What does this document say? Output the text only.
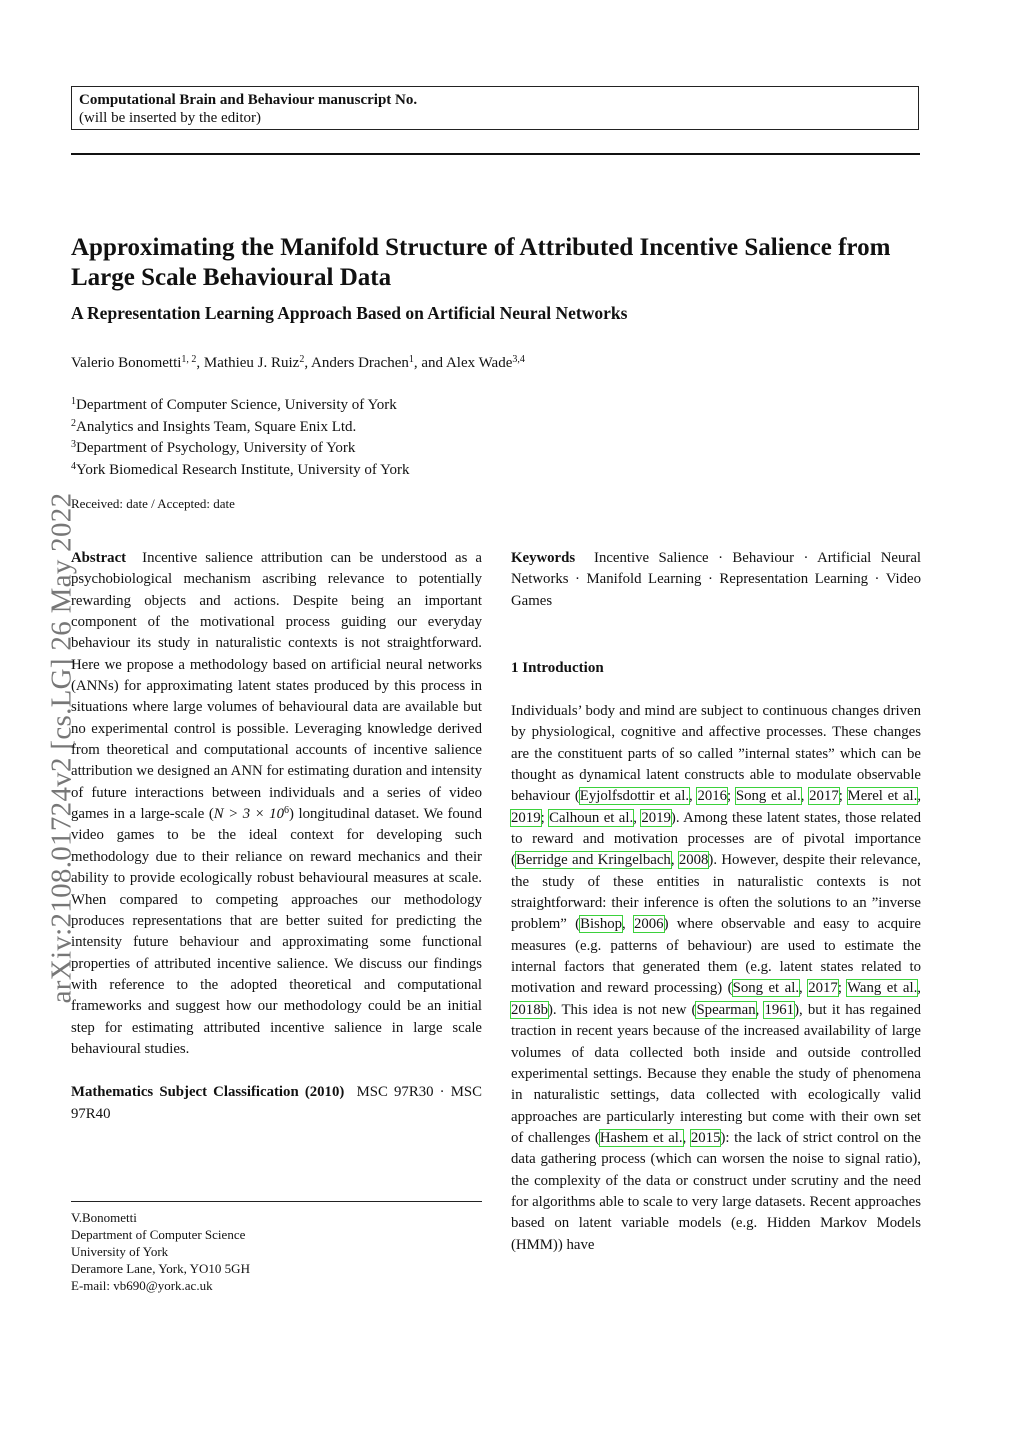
Computational Brain and Behaviour manuscript No.
(will be inserted by the editor)
arXiv:2108.01724v2 [cs.LG] 26 May 2022
Approximating the Manifold Structure of Attributed Incentive Salience from Large Scale Behavioural Data
A Representation Learning Approach Based on Artificial Neural Networks
Valerio Bonometti$^{1, 2}$, Mathieu J. Ruiz$^2$, Anders Drachen$^1$, and Alex Wade$^{3,4}$
$^1$Department of Computer Science, University of York
$^2$Analytics and Insights Team, Square Enix Ltd.
$^3$Department of Psychology, University of York
$^4$York Biomedical Research Institute, University of York
Received: date / Accepted: date

Abstract Incentive salience attribution can be understood as a psychobiological mechanism ascribing relevance to potentially rewarding objects and actions. Despite being an important component of the motivational process guiding our everyday behaviour its study in naturalistic contexts is not straightforward. Here we propose a methodology based on artificial neural networks (ANNs) for approximating latent states produced by this process in situations where large volumes of behavioural data are available but no experimental control is possible. Leveraging knowledge derived from theoretical and computational accounts of incentive salience attribution we designed an ANN for estimating duration and intensity of future interactions between individuals and a series of video games in a large-scale $(N > 3 \times 10^6)$ longitudinal dataset. We found video games to be the ideal context for developing such methodology due to their reliance on reward mechanics and their ability to provide ecologically robust behavioural measures at scale. When compared to competing approaches our methodology produces representations that are better suited for predicting the intensity future behaviour and approximating some functional properties of attributed incentive salience. We discuss our findings with reference to the adopted theoretical and computational frameworks and suggest how our methodology could be an initial step for estimating attributed incentive salience in large scale behavioural studies.

Mathematics Subject Classification (2010) MSC 97R30 · MSC 97R40

V.Bonometti
Department of Computer Science
University of York
Deramore Lane, York, YO10 5GH
E-mail: vb690@york.ac.uk

Keywords Incentive Salience · Behaviour · Artificial Neural Networks · Manifold Learning · Representation Learning · Video Games

1 Introduction

Individuals’ body and mind are subject to continuous changes driven by physiological, cognitive and affective processes. These changes are the constituent parts of so called ”internal states” which can be thought as dynamical latent constructs able to modulate observable behaviour (Eyjolfsdottir et al., 2016; Song et al., 2017; Merel et al., 2019; Calhoun et al., 2019). Among these latent states, those related to reward and motivation processes are of pivotal importance (Berridge and Kringelbach, 2008). However, despite their relevance, the study of these entities in naturalistic contexts is not straightforward: their inference is often the solutions to an ”inverse problem” (Bishop, 2006) where observable and easy to acquire measures (e.g. patterns of behaviour) are used to estimate the internal factors that generated them (e.g. latent states related to motivation and reward processing) (Song et al., 2017; Wang et al., 2018b). This idea is not new (Spearman, 1961), but it has regained traction in recent years because of the increased availability of large volumes of data collected both inside and outside controlled experimental settings. Because they enable the study of phenomena in naturalistic settings, data collected with ecologically valid approaches are particularly interesting but come with their own set of challenges (Hashem et al., 2015): the lack of strict control on the data gathering process (which can worsen the noise to signal ratio), the complexity of the data or construct under scrutiny and the need for algorithms able to scale to very large datasets. Recent approaches based on latent variable models (e.g. Hidden Markov Models (HMM)) have
